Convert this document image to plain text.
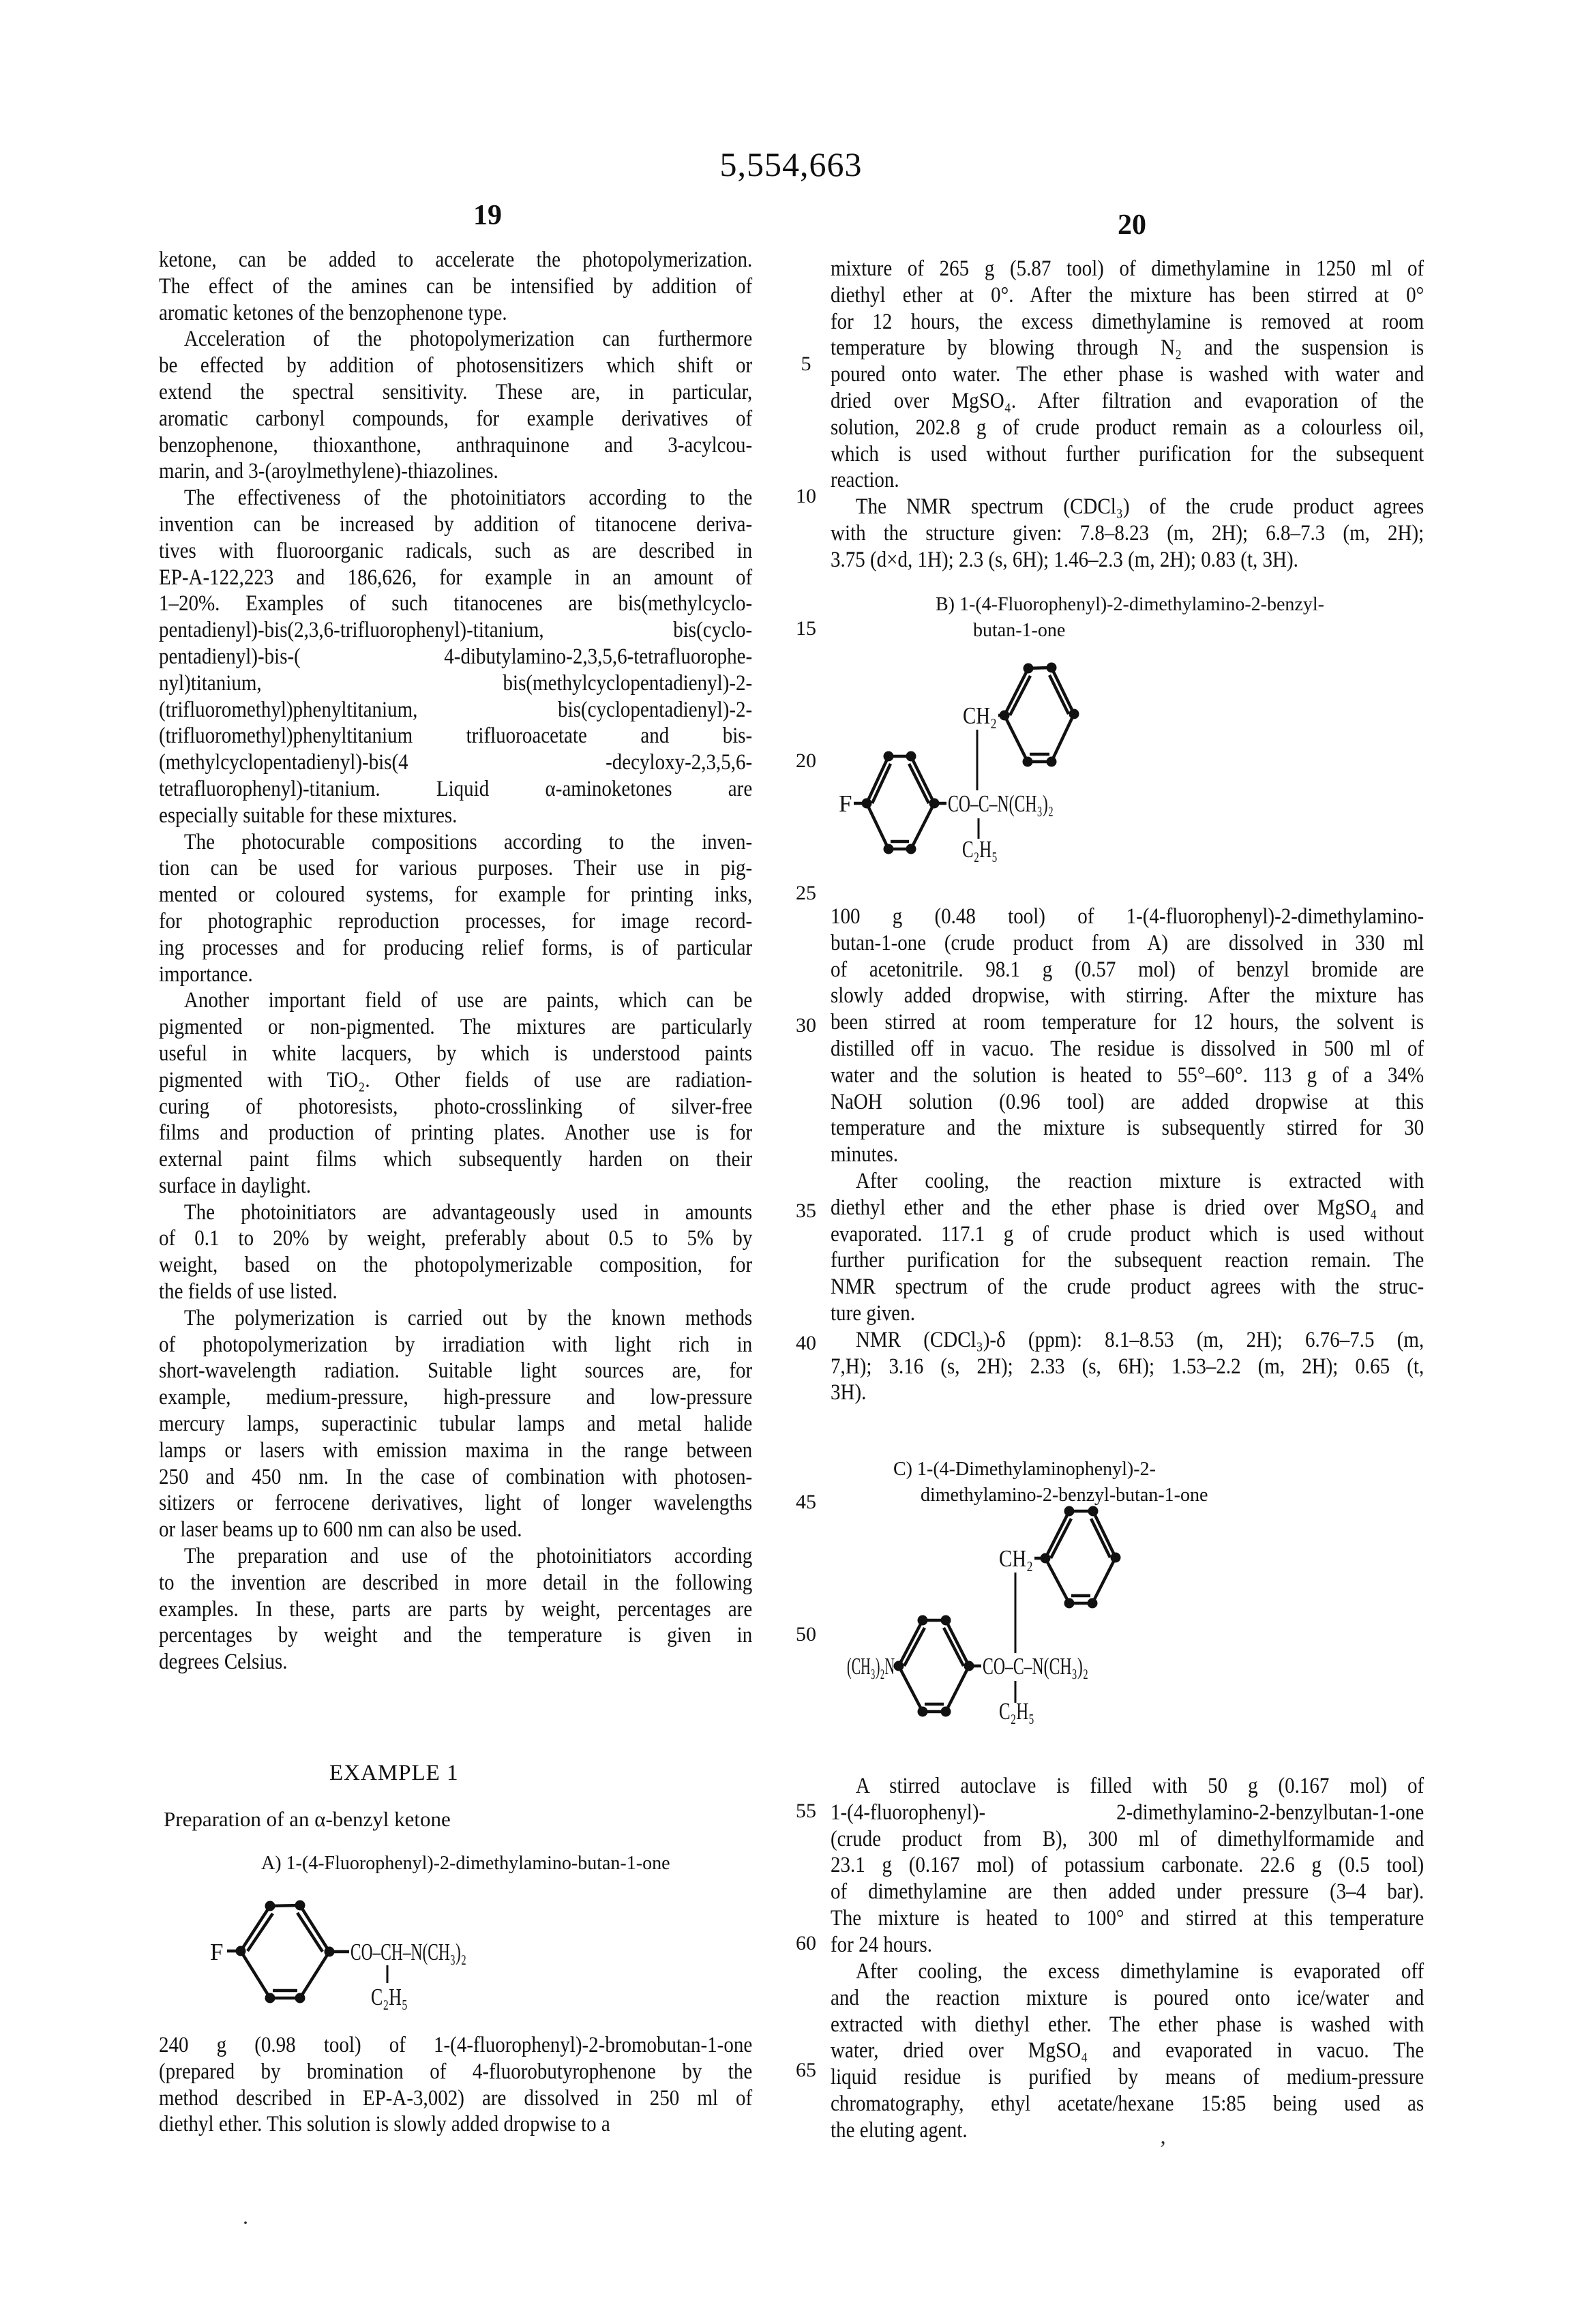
5,554,663
19	20
5
10
15
20
25
30
35
40
45
50
55
60
65
ketone, can be added to accelerate the photopolymerization.
The effect of the amines can be intensified by addition of
aromatic ketones of the benzophenone type.
Acceleration of the photopolymerization can furthermore
be effected by addition of photosensitizers which shift or
extend the spectral sensitivity. These are, in particular,
aromatic carbonyl compounds, for example derivatives of
benzophenone, thioxanthone, anthraquinone and 3-acylcou-
marin, and 3-(aroylmethylene)-thiazolines.
The effectiveness of the photoinitiators according to the
invention can be increased by addition of titanocene deriva-
tives with fluoroorganic radicals, such as are described in
EP-A-122,223 and 186,626, for example in an amount of
1–20%. Examples of such titanocenes are bis(methylcyclo-
pentadienyl)-bis(2,3,6-trifluorophenyl)-titanium, bis(cyclo-
pentadienyl)-bis-( 4-dibutylamino-2,3,5,6-tetrafluorophe-
nyl)titanium, bis(methylcyclopentadienyl)-2-
(trifluoromethyl)phenyltitanium, bis(cyclopentadienyl)-2-
(trifluoromethyl)phenyltitanium trifluoroacetate and bis-
(methylcyclopentadienyl)-bis(4 -decyloxy-2,3,5,6-
tetrafluorophenyl)-titanium. Liquid α-aminoketones are
especially suitable for these mixtures.
The photocurable compositions according to the inven-
tion can be used for various purposes. Their use in pig-
mented or coloured systems, for example for printing inks,
for photographic reproduction processes, for image record-
ing processes and for producing relief forms, is of particular
importance.
Another important field of use are paints, which can be
pigmented or non-pigmented. The mixtures are particularly
useful in white lacquers, by which is understood paints
pigmented with TiO₂. Other fields of use are radiation-
curing of photoresists, photo-crosslinking of silver-free
films and production of printing plates. Another use is for
external paint films which subsequently harden on their
surface in daylight.
The photoinitiators are advantageously used in amounts
of 0.1 to 20% by weight, preferably about 0.5 to 5% by
weight, based on the photopolymerizable composition, for
the fields of use listed.
The polymerization is carried out by the known methods
of photopolymerization by irradiation with light rich in
short-wavelength radiation. Suitable light sources are, for
example, medium-pressure, high-pressure and low-pressure
mercury lamps, superactinic tubular lamps and metal halide
lamps or lasers with emission maxima in the range between
250 and 450 nm. In the case of combination with photosen-
sitizers or ferrocene derivatives, light of longer wavelengths
or laser beams up to 600 nm can also be used.
The preparation and use of the photoinitiators according
to the invention are described in more detail in the following
examples. In these, parts are parts by weight, percentages are
percentages by weight and the temperature is given in
degrees Celsius.
EXAMPLE 1
Preparation of an α-benzyl ketone
A) 1-(4-Fluorophenyl)-2-dimethylamino-butan-1-one
F	CO–CH–N(CH₃)₂
C₂H₅
240 g (0.98 tool) of 1-(4-fluorophenyl)-2-bromobutan-1-one
(prepared by bromination of 4-fluorobutyrophenone by the
method described in EP-A-3,002) are dissolved in 250 ml of
diethyl ether. This solution is slowly added dropwise to a
mixture of 265 g (5.87 tool) of dimethylamine in 1250 ml of
diethyl ether at 0°. After the mixture has been stirred at 0°
for 12 hours, the excess dimethylamine is removed at room
temperature by blowing through N₂ and the suspension is
poured onto water. The ether phase is washed with water and
dried over MgSO₄. After filtration and evaporation of the
solution, 202.8 g of crude product remain as a colourless oil,
which is used without further purification for the subsequent
reaction.
The NMR spectrum (CDCl₃) of the crude product agrees
with the structure given: 7.8–8.23 (m, 2H); 6.8–7.3 (m, 2H);
3.75 (d×d, 1H); 2.3 (s, 6H); 1.46–2.3 (m, 2H); 0.83 (t, 3H).
B) 1-(4-Fluorophenyl)-2-dimethylamino-2-benzyl-
butan-1-one
CH₂
F	CO–C–N(CH₃)₂
C₂H₅
100 g (0.48 tool) of 1-(4-fluorophenyl)-2-dimethylamino-
butan-1-one (crude product from A) are dissolved in 330 ml
of acetonitrile. 98.1 g (0.57 mol) of benzyl bromide are
slowly added dropwise, with stirring. After the mixture has
been stirred at room temperature for 12 hours, the solvent is
distilled off in vacuo. The residue is dissolved in 500 ml of
water and the solution is heated to 55°–60°. 113 g of a 34%
NaOH solution (0.96 tool) are added dropwise at this
temperature and the mixture is subsequently stirred for 30
minutes.
After cooling, the reaction mixture is extracted with
diethyl ether and the ether phase is dried over MgSO₄ and
evaporated. 117.1 g of crude product which is used without
further purification for the subsequent reaction remain. The
NMR spectrum of the crude product agrees with the struc-
ture given.
NMR (CDCl₃)-δ (ppm): 8.1–8.53 (m, 2H); 6.76–7.5 (m,
7,H); 3.16 (s, 2H); 2.33 (s, 6H); 1.53–2.2 (m, 2H); 0.65 (t,
3H).
C) 1-(4-Dimethylaminophenyl)-2-
dimethylamino-2-benzyl-butan-1-one
CH₂
(CH₃)₂N	CO–C–N(CH₃)₂
C₂H₅
A stirred autoclave is filled with 50 g (0.167 mol) of
1-(4-fluorophenyl)- 2-dimethylamino-2-benzylbutan-1-one
(crude product from B), 300 ml of dimethylformamide and
23.1 g (0.167 mol) of potassium carbonate. 22.6 g (0.5 tool)
of dimethylamine are then added under pressure (3–4 bar).
The mixture is heated to 100° and stirred at this temperature
for 24 hours.
After cooling, the excess dimethylamine is evaporated off
and the reaction mixture is poured onto ice/water and
extracted with diethyl ether. The ether phase is washed with
water, dried over MgSO₄ and evaporated in vacuo. The
liquid residue is purified by means of medium-pressure
chromatography, ethyl acetate/hexane 15:85 being used as
the eluting agent.
’
.
